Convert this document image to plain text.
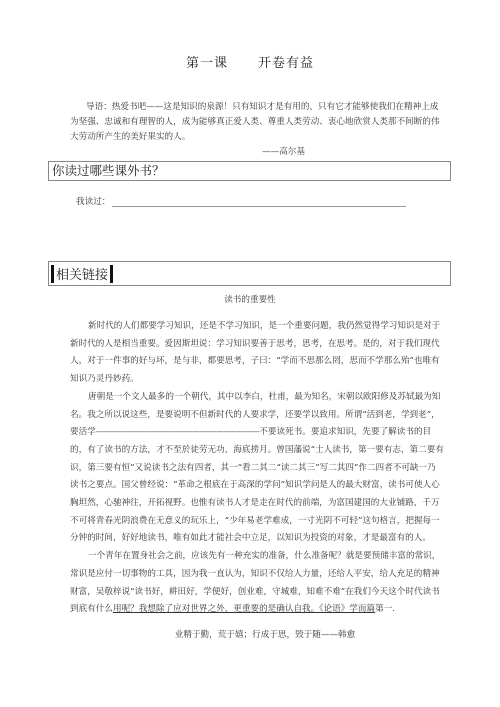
第一课 开卷有益
导语：热爱书吧——这是知识的泉源！只有知识才是有用的，只有它才能够使我们在精神上成为坚强、忠诚和有理智的人，成为能够真正爱人类、尊重人类劳动、衷心地欣赏人类那不间断的伟大劳动所产生的美好果实的人。
——高尔基
你读过哪些课外书？
我读过：
相关链接
读书的重要性

新时代的人们都要学习知识，还是不学习知识，是一个重要问题，我仍然觉得学习知识是对于新时代的人是相当重要。爱因斯坦说：学习知识要善于思考，思考，在思考。是的，对于我们现代人，对于一件事的好与坏，是与非，都要思考，子曰：“学而不思那么罔，思而不学那么殆”也唯有知识乃灵丹妙药。

唐朝是一个文人最多的一个朝代，其中以李白，杜甫，最为知名，宋朝以欧阳修及苏轼最为知名。我之所以说这些，是要说明不但新时代的人要求学，还要学以致用。所谓“活到老，学到老”，要活学--------------------------------------------------------------------不要读死书。要追求知识，先要了解读书的目的，有了读书的方法，才不至於徒劳无功，海底捞月。曾国藩说“士人读书，第一要有志，第二要有识，第三要有恒”又说读书之法有四者，其一“看二其二“读二其三”写二其四”作二四者不可缺一乃读书之要点。国父曾经说：“革命之根底在于高深的学问”知识学问是人的最大财富，读书可使人心胸坦然，心驰神往，开拓视野。也惟有读书人才是走在时代的前端，为富国建国的大业铺路，千万不可将青春光阴浪费在无意义的玩乐上，“少年易老学难成，一寸光阴不可轻”这句格言，把握每一分钟的时间，好好地读书，唯有如此才能社会中立足，以知识为投资的对象，才是最富有的人。

一个青年在置身社会之前，应该先有一种充实的准备，什么准备呢？就是要预储丰富的常识，常识是应付一切事物的工具，因为我一直认为，知识不仅给人力量，还给人平安，给人充足的精神财富，吴敬梓说“读书好，耕田好，学便好，创业难，守城难，知难不难”在我们今天这个时代读书到底有什么用呢？我想除了应对世界之外，更重要的是确认自我。《论语》学而篇第一.

业精于勤，荒于嬉；行成于思，毁于随——韩愈
